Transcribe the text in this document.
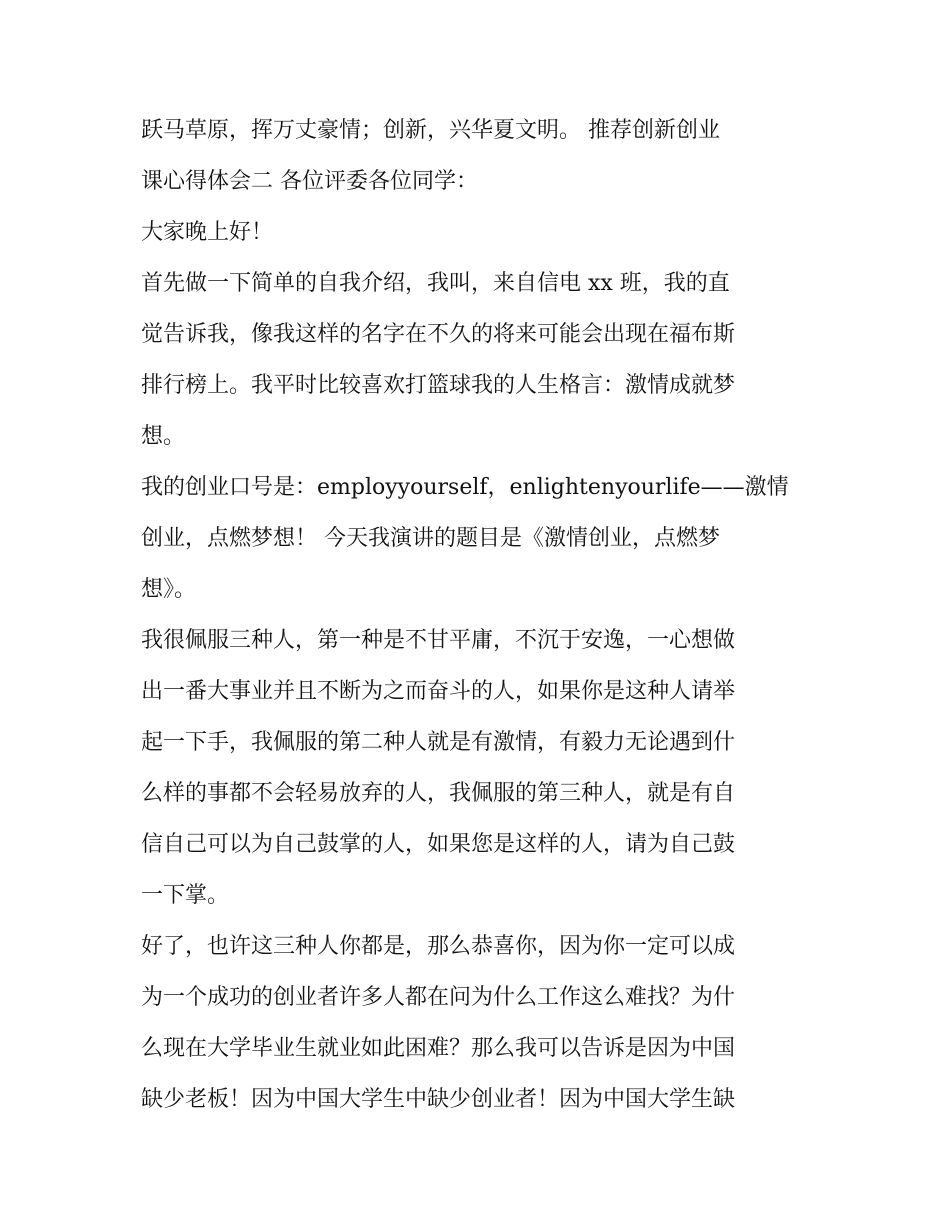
跃马草原，挥万丈豪情；创新，兴华夏文明。 推荐创新创业
课心得体会二 各位评委各位同学：
大家晚上好！
首先做一下简单的自我介绍，我叫，来自信电 xx 班，我的直
觉告诉我，像我这样的名字在不久的将来可能会出现在福布斯
排行榜上。我平时比较喜欢打篮球我的人生格言：激情成就梦
想。
我的创业口号是：employyourself，enlightenyourlife——激情
创业，点燃梦想！ 今天我演讲的题目是《激情创业，点燃梦
想》。
我很佩服三种人，第一种是不甘平庸，不沉于安逸，一心想做
出一番大事业并且不断为之而奋斗的人，如果你是这种人请举
起一下手，我佩服的第二种人就是有激情，有毅力无论遇到什
么样的事都不会轻易放弃的人，我佩服的第三种人，就是有自
信自己可以为自己鼓掌的人，如果您是这样的人，请为自己鼓
一下掌。
好了，也许这三种人你都是，那么恭喜你，因为你一定可以成
为一个成功的创业者许多人都在问为什么工作这么难找？为什
么现在大学毕业生就业如此困难？那么我可以告诉是因为中国
缺少老板！因为中国大学生中缺少创业者！因为中国大学生缺
